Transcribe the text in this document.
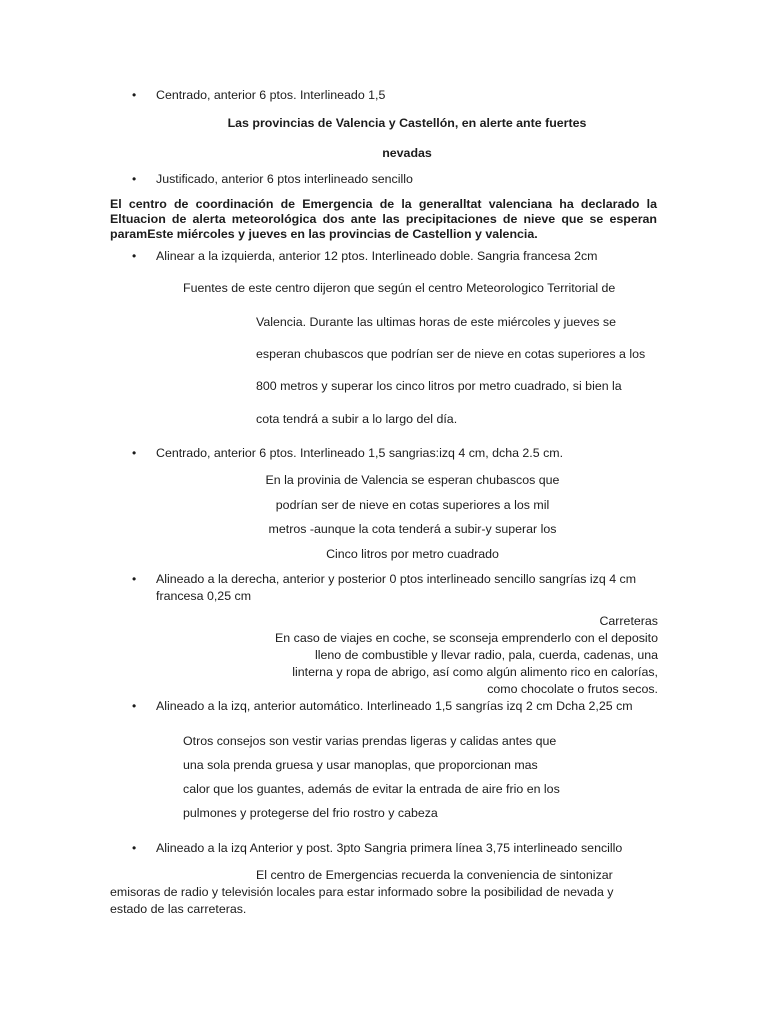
• Centrado, anterior 6 ptos. Interlineado 1,5
Las provincias de Valencia y Castellón, en alerte ante fuertes
nevadas
• Justificado, anterior 6 ptos interlineado sencillo
El centro de coordinación de Emergencia de la generalltat valenciana ha declarado la
Eltuacion de alerta meteorológica dos ante las precipitaciones de nieve que se esperan
paramEste miércoles y jueves en las provincias de Castellion y valencia.
• Alinear a la izquierda, anterior 12 ptos. Interlineado doble. Sangria francesa 2cm
Fuentes de este centro dijeron que según el centro Meteorologico Territorial de
Valencia. Durante las ultimas horas de este miércoles y jueves se
esperan chubascos que podrían ser de nieve en cotas superiores a los
800 metros y superar los cinco litros por metro cuadrado, si bien la
cota tendrá a subir a lo largo del día.
• Centrado, anterior 6 ptos. Interlineado 1,5 sangrias:izq 4 cm, dcha 2.5 cm.
En la provinia de Valencia se esperan chubascos que
podrían ser de nieve en cotas superiores a los mil
metros -aunque la cota tenderá a subir-y superar los
Cinco litros por metro cuadrado
• Alineado a la derecha, anterior y posterior 0 ptos interlineado sencillo sangrías izq 4 cm
francesa 0,25 cm
Carreteras
En caso de viajes en coche, se sconseja emprenderlo con el deposito
lleno de combustible y llevar radio, pala, cuerda, cadenas, una
linterna y ropa de abrigo, así como algún alimento rico en calorías,
como chocolate o frutos secos.
• Alineado a la izq, anterior automático. Interlineado 1,5 sangrías izq 2 cm Dcha 2,25 cm
Otros consejos son vestir varias prendas ligeras y calidas antes que
una sola prenda gruesa y usar manoplas, que proporcionan mas
calor que los guantes, además de evitar la entrada de aire frio en los
pulmones y protegerse del frio rostro y cabeza
• Alineado a la izq Anterior y post. 3pto Sangria primera línea 3,75 interlineado sencillo
El centro de Emergencias recuerda la conveniencia de sintonizar
emisoras de radio y televisión locales para estar informado sobre la posibilidad de nevada y
estado de las carreteras.
